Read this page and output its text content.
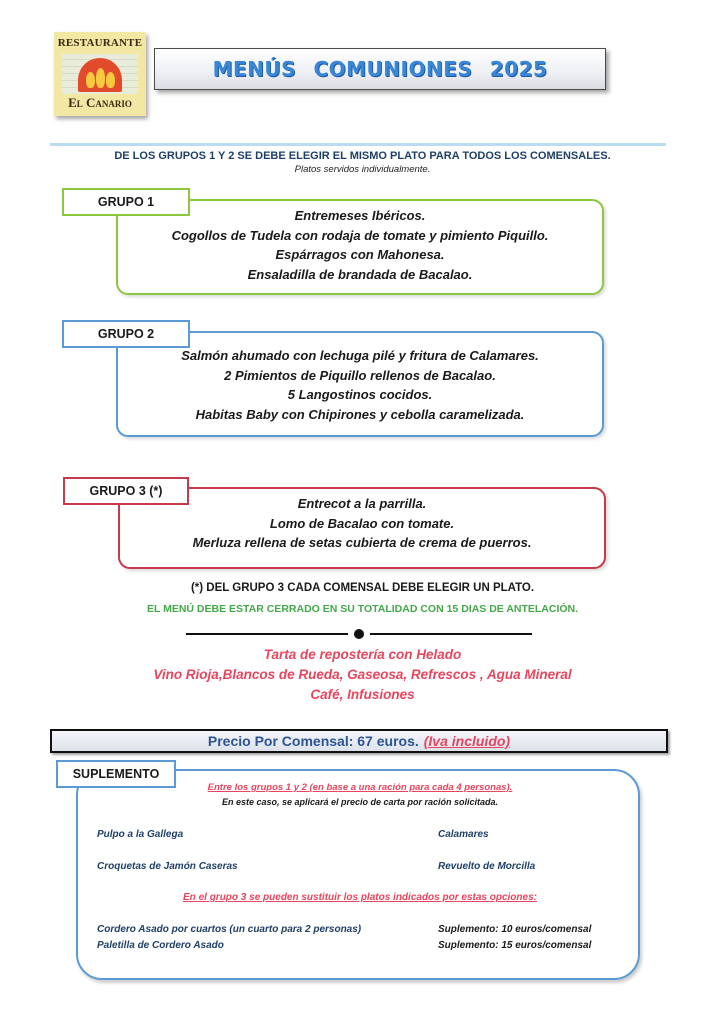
RESTAURANTE
El Canario
MENÚS COMUNIONES 2025
DE LOS GRUPOS 1 Y 2 SE DEBE ELEGIR EL MISMO PLATO PARA TODOS LOS COMENSALES.
Platos servidos individualmente.
GRUPO 1
Entremeses Ibéricos.
Cogollos de Tudela con rodaja de tomate y pimiento Piquillo.
Espárragos con Mahonesa.
Ensaladilla de brandada de Bacalao.
GRUPO 2
Salmón ahumado con lechuga pilé y fritura de Calamares.
2 Pimientos de Piquillo rellenos de Bacalao.
5 Langostinos cocidos.
Habitas Baby con Chipirones y cebolla caramelizada.
GRUPO 3 (*)
Entrecot a la parrilla.
Lomo de Bacalao con tomate.
Merluza rellena de setas cubierta de crema de puerros.
(*) DEL GRUPO 3 CADA COMENSAL DEBE ELEGIR UN PLATO.
EL MENÚ DEBE ESTAR CERRADO EN SU TOTALIDAD CON 15 DIAS DE ANTELACIÓN.
Tarta de repostería con Helado
Vino Rioja,Blancos de Rueda, Gaseosa, Refrescos , Agua Mineral
Café, Infusiones
Precio Por Comensal: 67 euros. (Iva incluido)
SUPLEMENTO
Entre los grupos 1 y 2 (en base a una ración para cada 4 personas).
En este caso, se aplicará el precio de carta por ración solicitada.
Pulpo a la Gallega	Calamares
Croquetas de Jamón Caseras	Revuelto de Morcilla
En el grupo 3 se pueden sustituir los platos indicados por estas opciones:
Cordero Asado por cuartos (un cuarto para 2 personas)	Suplemento: 10 euros/comensal
Paletilla de Cordero Asado	Suplemento: 15 euros/comensal
